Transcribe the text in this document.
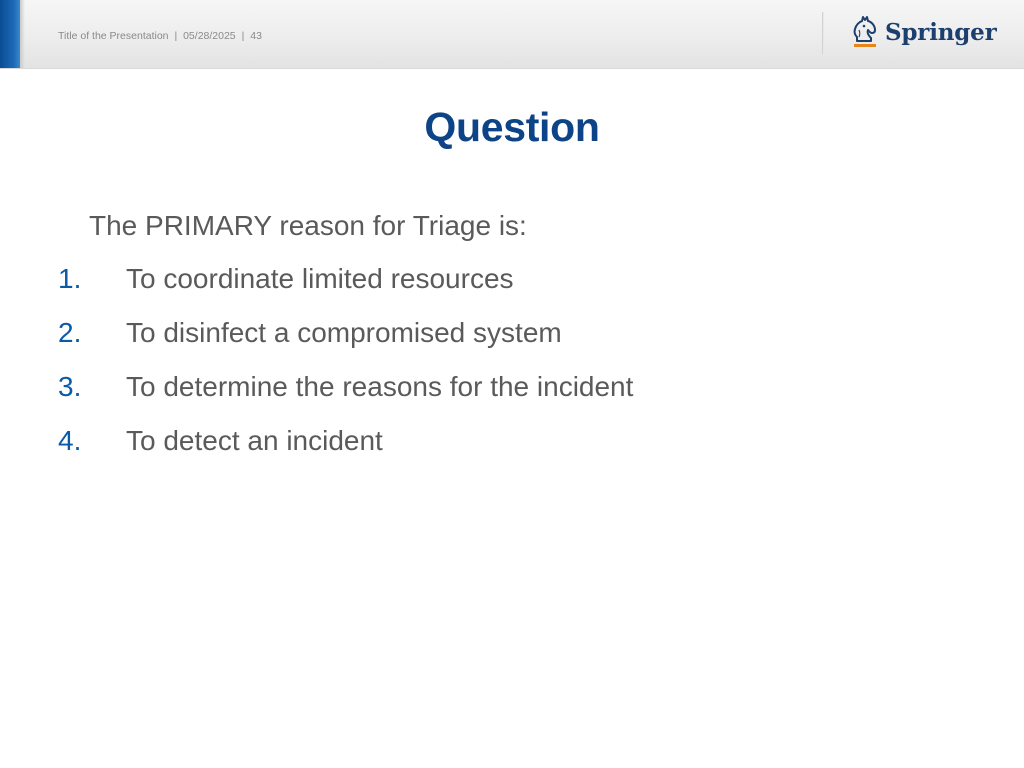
Title of the Presentation | 05/28/2025 | 43	Springer
Question
The PRIMARY reason for Triage is:
1. To coordinate limited resources
2. To disinfect a compromised system
3. To determine the reasons for the incident
4. To detect an incident
